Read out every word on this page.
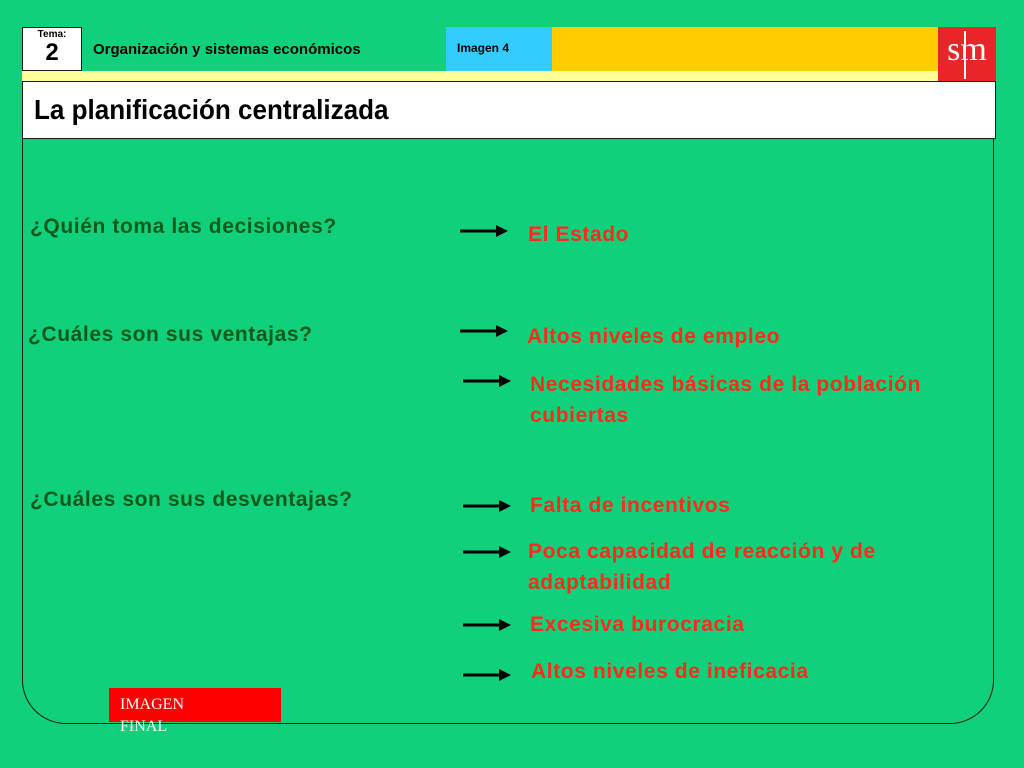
Tema:
2	Organización y sistemas económicos	Imagen 4	sm
La planificación centralizada
¿Quién toma las decisiones?	El Estado
¿Cuáles son sus ventajas?	Altos niveles de empleo
Necesidades básicas de la población cubiertas
¿Cuáles son sus desventajas?	Falta de incentivos
Poca capacidad de reacción y de adaptabilidad
Excesiva burocracia
Altos niveles de ineficacia
IMAGEN FINAL
